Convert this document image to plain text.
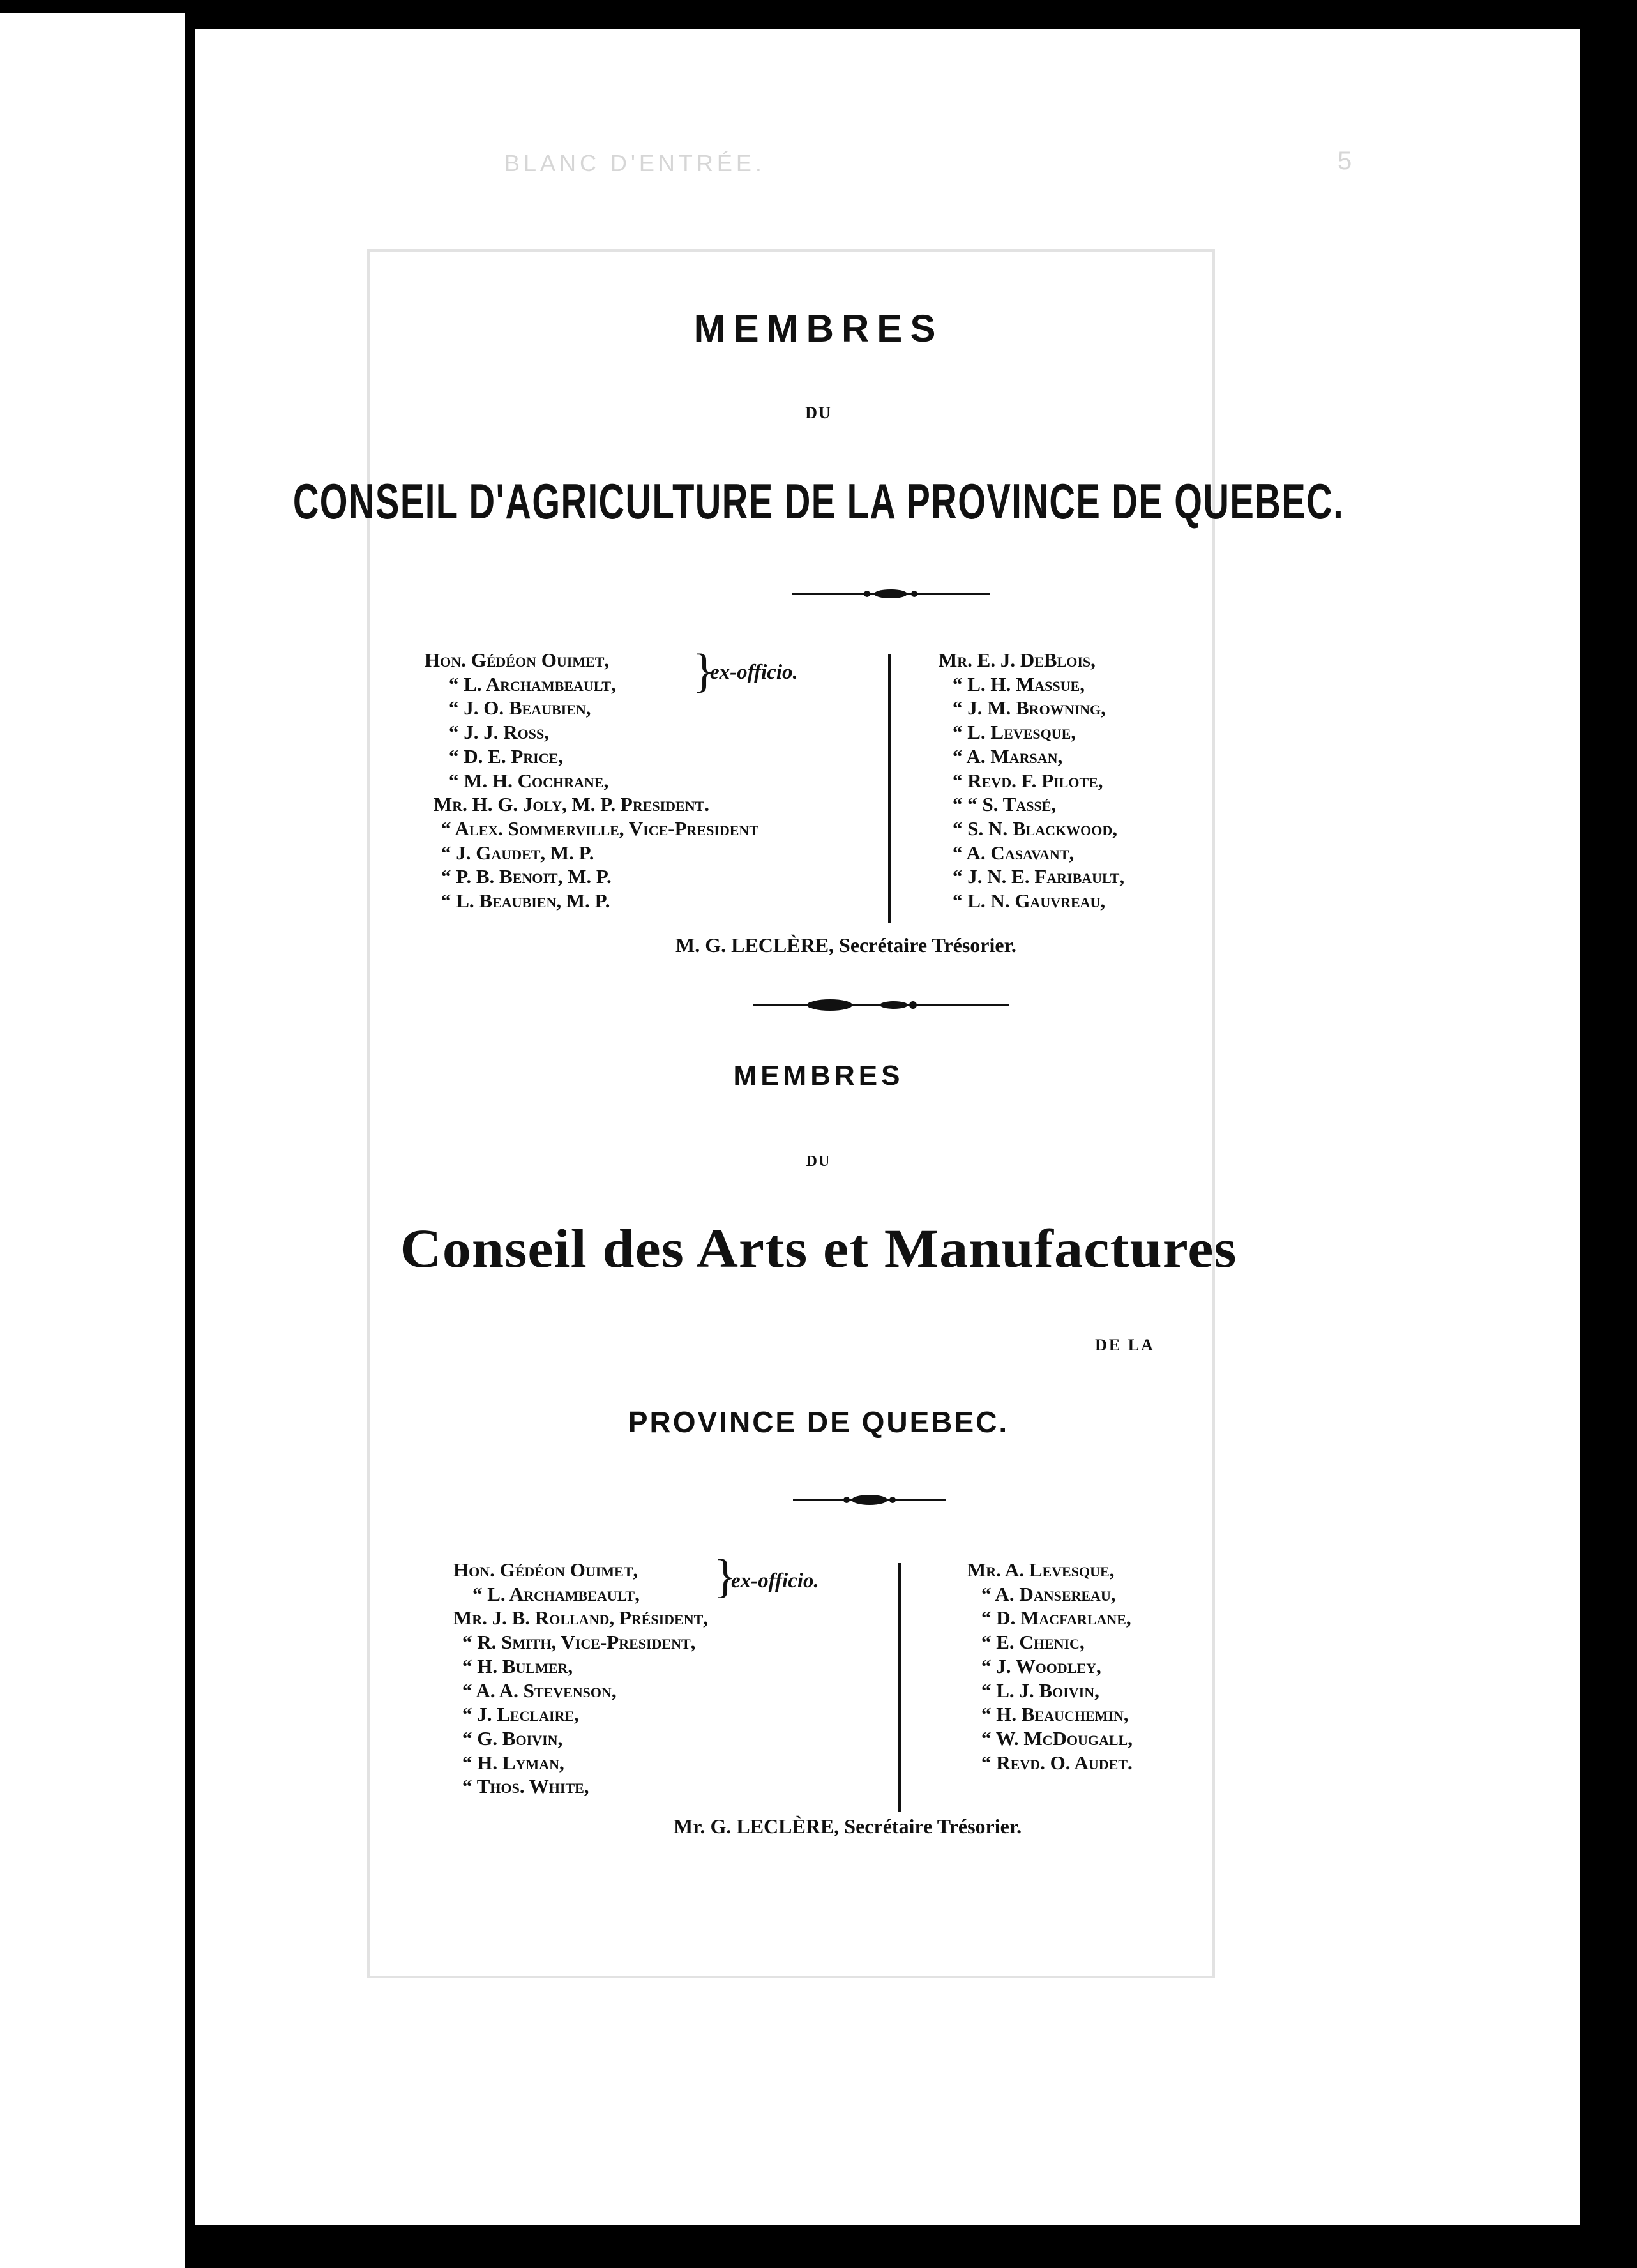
BLANC D'ENTRÉE.	5
MEMBRES
DU
CONSEIL D'AGRICULTURE DE LA PROVINCE DE QUEBEC.
Hon. Gédéon Ouimet,
“ L. Archambeault,
“ J. O. Beaubien,
“ J. J. Ross,
“ D. E. Price,
“ M. H. Cochrane,
Mr. H. G. Joly, M. P. President.
“ Alex. Sommerville, Vice-President
“ J. Gaudet, M. P.
“ P. B. Benoit, M. P.
“ L. Beaubien, M. P.
}
ex-officio.
Mr. E. J. DeBlois,
“ L. H. Massue,
“ J. M. Browning,
“ L. Levesque,
“ A. Marsan,
“ Revd. F. Pilote,
“ “ S. Tassé,
“ S. N. Blackwood,
“ A. Casavant,
“ J. N. E. Faribault,
“ L. N. Gauvreau,
M. G. LECLÈRE, Secrétaire Trésorier.
MEMBRES
DU
Conseil des Arts et Manufactures
DE LA
PROVINCE DE QUEBEC.
Hon. Gédéon Ouimet,
“ L. Archambeault,
Mr. J. B. Rolland, Président,
“ R. Smith, Vice-President,
“ H. Bulmer,
“ A. A. Stevenson,
“ J. Leclaire,
“ G. Boivin,
“ H. Lyman,
“ Thos. White,
}
ex-officio.	Mr. A. Levesque,
“ A. Dansereau,
“ D. Macfarlane,
“ E. Chenic,
“ J. Woodley,
“ L. J. Boivin,
“ H. Beauchemin,
“ W. McDougall,
“ Revd. O. Audet.
Mr. G. LECLÈRE, Secrétaire Trésorier.
